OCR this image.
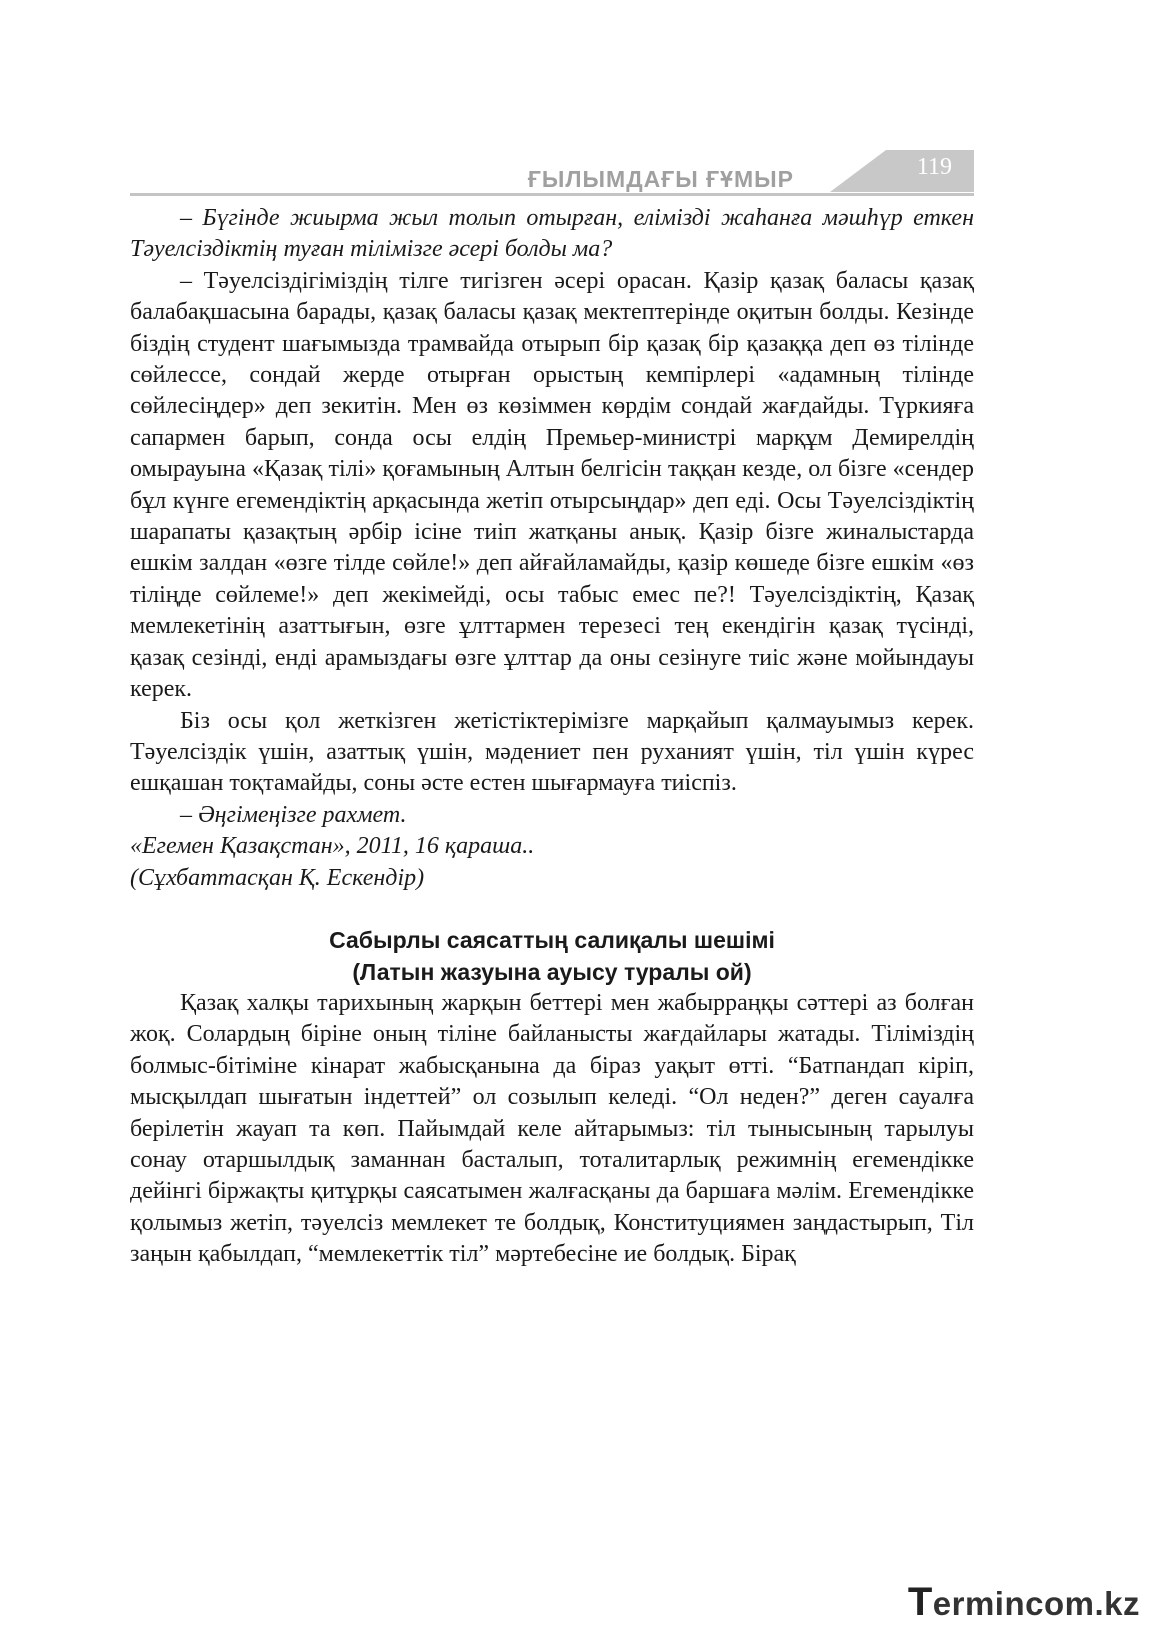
ҒЫЛЫМДАҒЫ ҒҰМЫР	119

– Бүгінде жиырма жыл толып отырған, елімізді жаһанға мәшһүр еткен Тәуелсіздіктің туған тілімізге әсері болды ма?

– Тәуелсіздігіміздің тілге тигізген әсері орасан. Қазір қазақ баласы қазақ балабақшасына барады, қазақ баласы қазақ мектептерінде оқитын болды. Кезінде біздің студент шағымызда трамвайда отырып бір қазақ бір қазаққа деп өз тілінде сөйлессе, сондай жерде отырған орыстың кемпірлері «адамның тілінде сөйлесіңдер» деп зекитін. Мен өз көзіммен көрдім сондай жағдайды. Түркияға сапармен барып, сонда осы елдің Премьер-министрі марқұм Демирелдің омырауына «Қазақ тілі» қоғамының Алтын белгісін таққан кезде, ол бізге «сендер бұл күнге егемендіктің арқасында жетіп отырсыңдар» деп еді. Осы Тәуелсіздіктің шарапаты қазақтың әрбір ісіне тиіп жатқаны анық. Қазір бізге жиналыстарда ешкім залдан «өзге тілде сөйле!» деп айғайламайды, қазір көшеде бізге ешкім «өз тіліңде сөйлеме!» деп жекімейді, осы табыс емес пе?! Тәуелсіздіктің, Қазақ мемлекетінің азаттығын, өзге ұлттармен терезесі тең екендігін қазақ түсінді, қазақ сезінді, енді арамыздағы өзге ұлттар да оны сезінуге тиіс және мойындауы керек.

Біз осы қол жеткізген жетістіктерімізге марқайып қалмауымыз керек. Тәуелсіздік үшін, азаттық үшін, мәдениет пен руханият үшін, тіл үшін күрес ешқашан тоқтамайды, соны әсте естен шығармауға тиіспіз.

– Әңгімеңізге рахмет.

«Егемен Қазақстан», 2011, 16 қараша..

(Сұхбаттасқан Қ. Ескендір)

Сабырлы саясаттың салиқалы шешімі
(Латын жазуына ауысу туралы ой)

Қазақ халқы тарихының жарқын беттері мен жабырраңқы сәттері аз болған жоқ. Солардың біріне оның тіліне байланысты жағдайлары жатады. Тіліміздің болмыс-бітіміне кінарат жабысқанына да біраз уақыт өтті. “Батпандап кіріп, мысқылдап шығатын індеттей” ол созылып келеді. “Ол неден?” деген сауалға берілетін жауап та көп. Пайымдай келе айтарымыз: тіл тынысының тарылуы сонау отаршылдық заманнан басталып, тоталитарлық режимнің егемендікке дейінгі біржақты қитұрқы саясатымен жалғасқаны да баршаға мәлім. Егемендікке қолымыз жетіп, тәуелсіз мемлекет те болдық, Конституциямен заңдастырып, Тіл заңын қабылдап, “мемлекеттік тіл” мәртебесіне ие болдық. Бірақ

Termincom.kz
